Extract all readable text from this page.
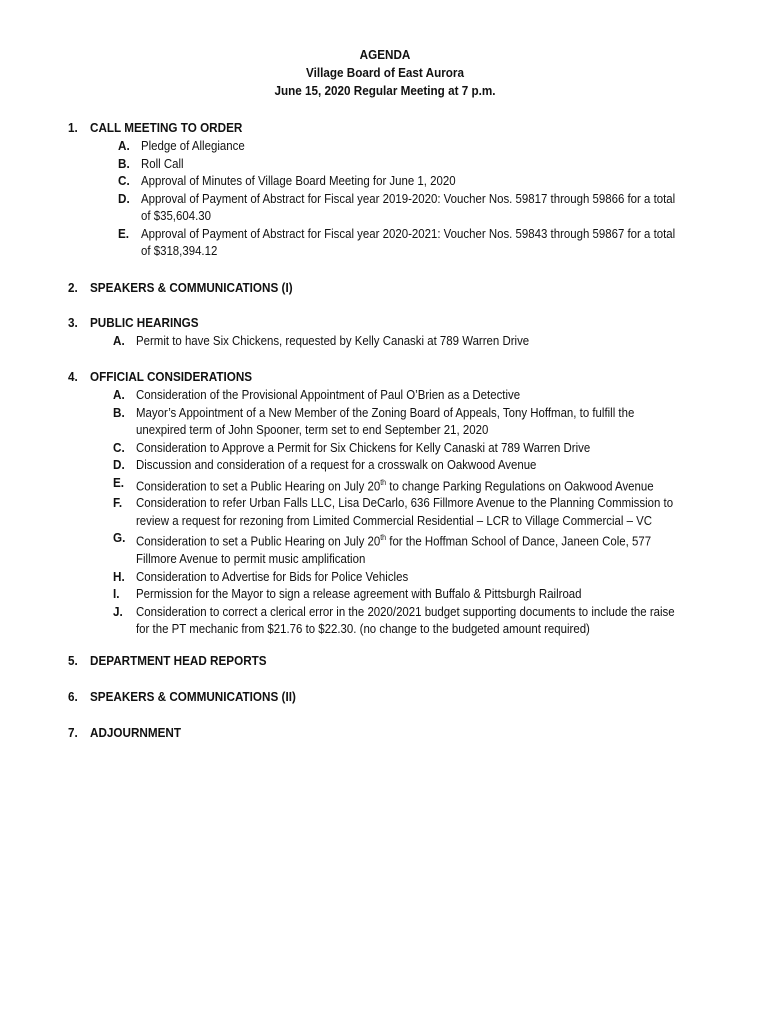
AGENDA
Village Board of East Aurora
June 15, 2020 Regular Meeting at 7 p.m.
1. CALL MEETING TO ORDER
A. Pledge of Allegiance
B. Roll Call
C. Approval of Minutes of Village Board Meeting for June 1, 2020
D. Approval of Payment of Abstract for Fiscal year 2019-2020: Voucher Nos. 59817 through 59866 for a total
of $35,604.30
E. Approval of Payment of Abstract for Fiscal year 2020-2021: Voucher Nos. 59843 through 59867 for a total
of $318,394.12
2. SPEAKERS & COMMUNICATIONS (I)
3. PUBLIC HEARINGS
A. Permit to have Six Chickens, requested by Kelly Canaski at 789 Warren Drive
4. OFFICIAL CONSIDERATIONS
A. Consideration of the Provisional Appointment of Paul O’Brien as a Detective
B. Mayor’s Appointment of a New Member of the Zoning Board of Appeals, Tony Hoffman, to fulfill the
unexpired term of John Spooner, term set to end September 21, 2020
C. Consideration to Approve a Permit for Six Chickens for Kelly Canaski at 789 Warren Drive
D. Discussion and consideration of a request for a crosswalk on Oakwood Avenue
E. Consideration to set a Public Hearing on July 20th to change Parking Regulations on Oakwood Avenue
F. Consideration to refer Urban Falls LLC, Lisa DeCarlo, 636 Fillmore Avenue to the Planning Commission to
review a request for rezoning from Limited Commercial Residential – LCR to Village Commercial – VC
G. Consideration to set a Public Hearing on July 20th for the Hoffman School of Dance, Janeen Cole, 577
Fillmore Avenue to permit music amplification
H. Consideration to Advertise for Bids for Police Vehicles
I. Permission for the Mayor to sign a release agreement with Buffalo & Pittsburgh Railroad
J. Consideration to correct a clerical error in the 2020/2021 budget supporting documents to include the raise
for the PT mechanic from $21.76 to $22.30. (no change to the budgeted amount required)
5. DEPARTMENT HEAD REPORTS
6. SPEAKERS & COMMUNICATIONS (II)
7. ADJOURNMENT
